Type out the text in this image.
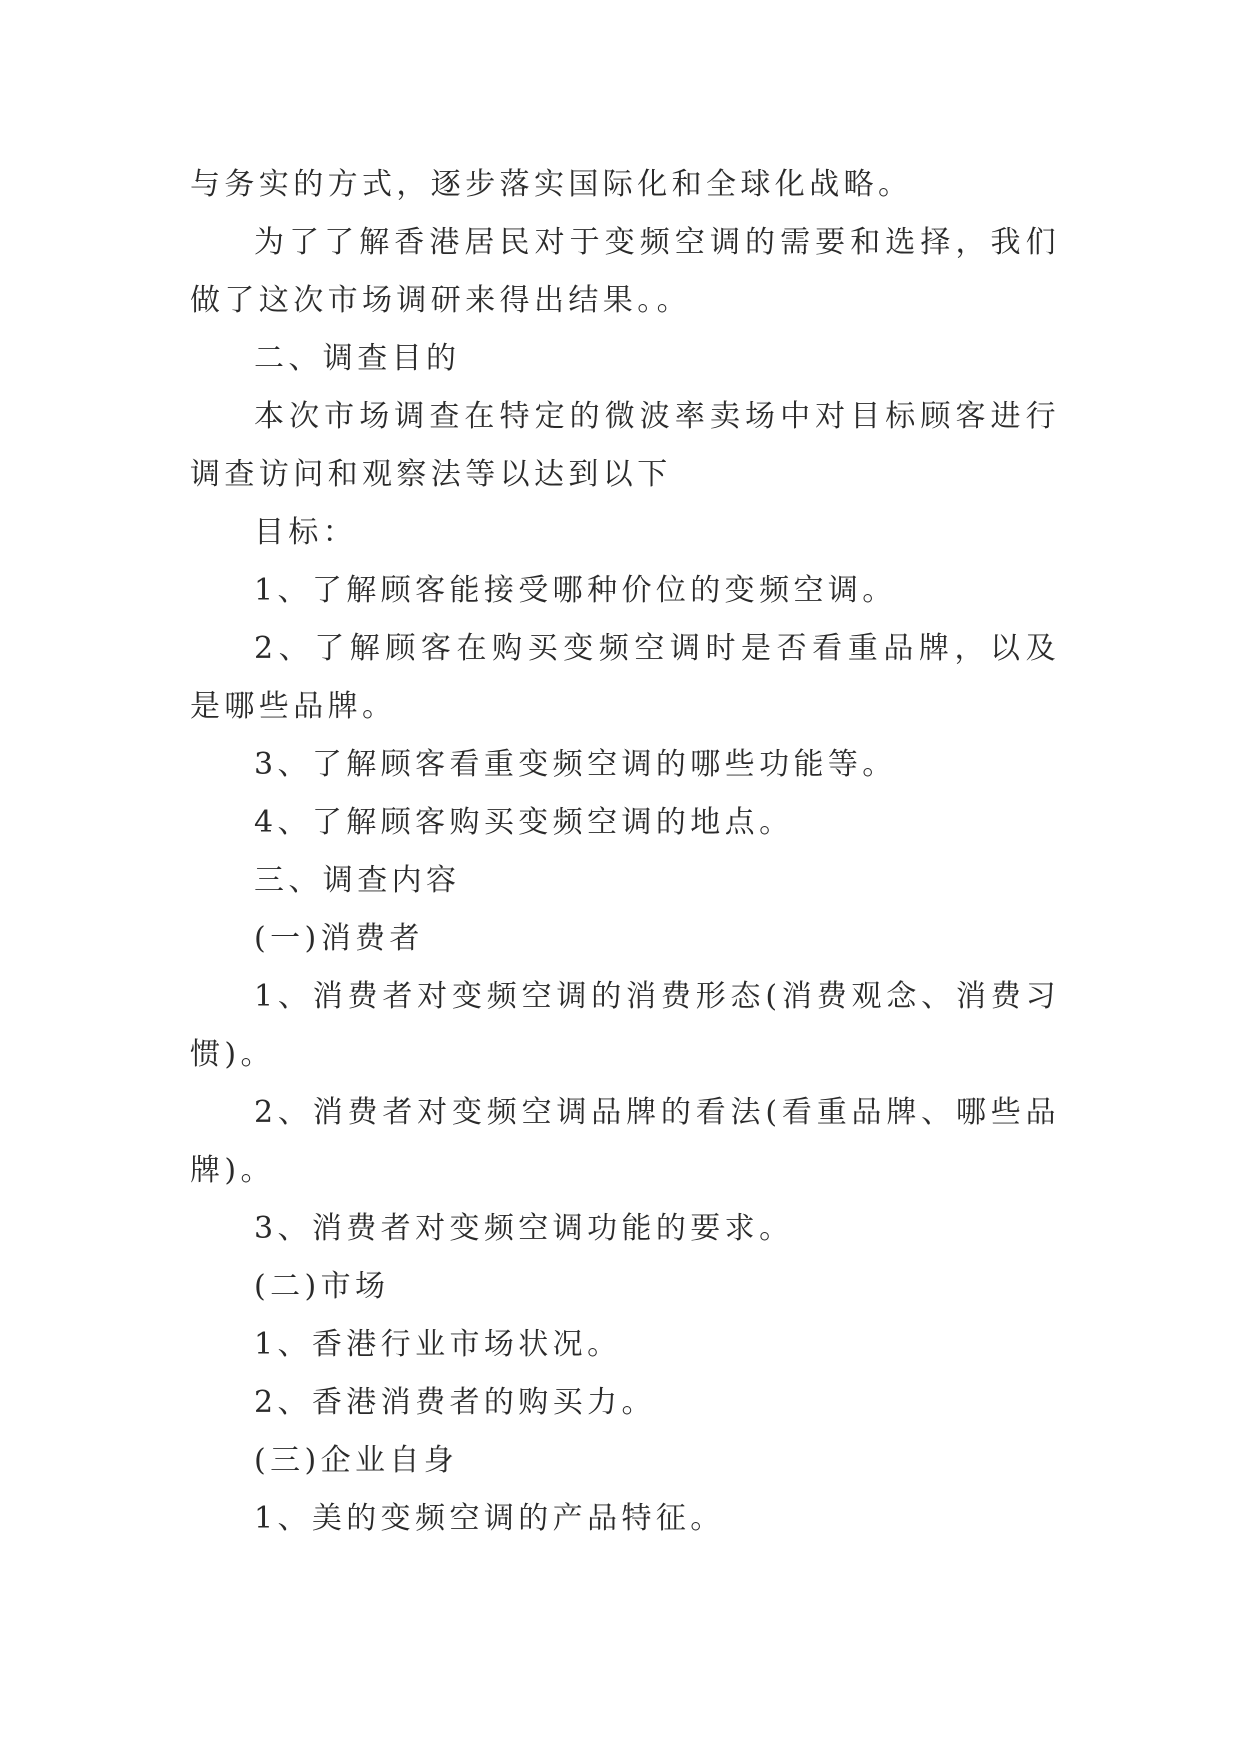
与务实的方式，逐步落实国际化和全球化战略。

为了了解香港居民对于变频空调的需要和选择，我们做了这次市场调研来得出结果。。

二、调查目的

本次市场调查在特定的微波率卖场中对目标顾客进行调查访问和观察法等以达到以下

目标：

1、了解顾客能接受哪种价位的变频空调。

2、了解顾客在购买变频空调时是否看重品牌，以及是哪些品牌。

3、了解顾客看重变频空调的哪些功能等。

4、了解顾客购买变频空调的地点。

三、调查内容

(一)消费者

1、消费者对变频空调的消费形态(消费观念、消费习惯)。

2、消费者对变频空调品牌的看法(看重品牌、哪些品牌)。

3、消费者对变频空调功能的要求。

(二)市场

1、香港行业市场状况。

2、香港消费者的购买力。

(三)企业自身

1、美的变频空调的产品特征。
